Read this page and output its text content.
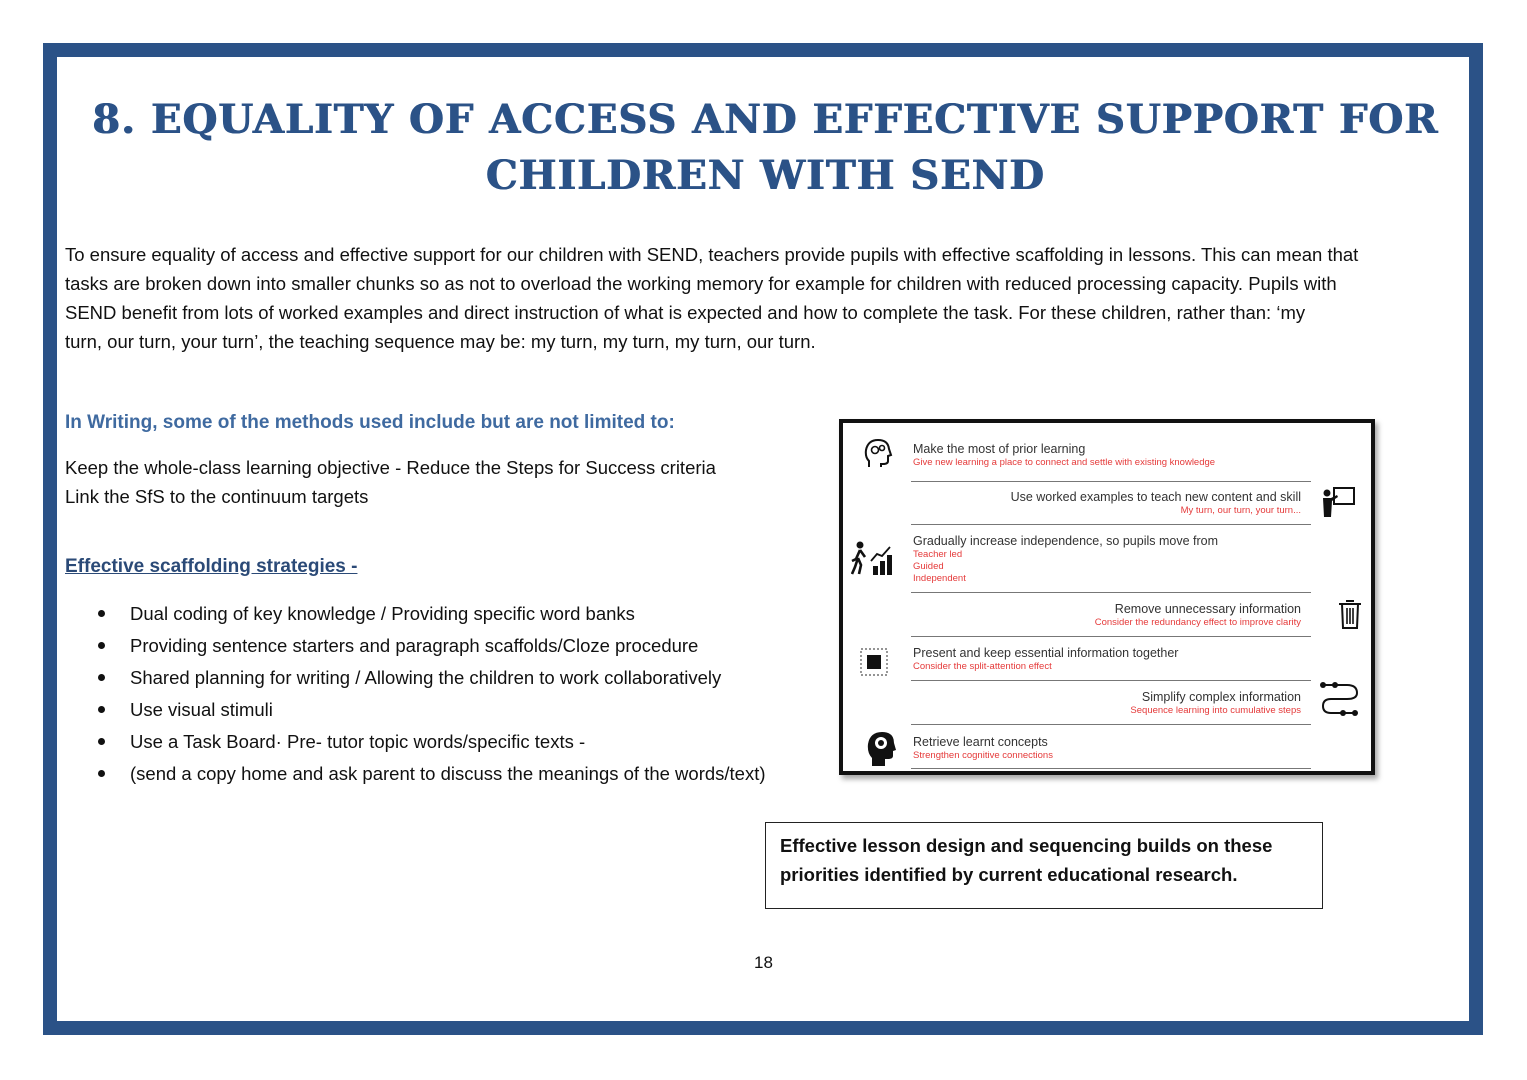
8. EQUALITY OF ACCESS AND EFFECTIVE SUPPORT FOR
CHILDREN WITH SEND
To ensure equality of access and effective support for our children with SEND, teachers provide pupils with effective scaffolding in lessons. This can mean that
tasks are broken down into smaller chunks so as not to overload the working memory for example for children with reduced processing capacity. Pupils with
SEND benefit from lots of worked examples and direct instruction of what is expected and how to complete the task. For these children, rather than: ‘my
turn, our turn, your turn’, the teaching sequence may be: my turn, my turn, my turn, our turn.
In Writing, some of the methods used include but are not limited to:
Keep the whole-class learning objective - Reduce the Steps for Success criteria
Link the SfS to the continuum targets
Effective scaffolding strategies -
Dual coding of key knowledge / Providing specific word banks
Providing sentence starters and paragraph scaffolds/Cloze procedure
Shared planning for writing / Allowing the children to work collaboratively
Use visual stimuli
Use a Task Board· Pre- tutor topic words/specific texts -
(send a copy home and ask parent to discuss the meanings of the words/text)
Make the most of prior learning
Give new learning a place to connect and settle with existing knowledge
Use worked examples to teach new content and skill
My turn, our turn, your turn...
Gradually increase independence, so pupils move from
Teacher led
Guided
Independent
Remove unnecessary information
Consider the redundancy effect to improve clarity
Present and keep essential information together
Consider the split-attention effect
Simplify complex information
Sequence learning into cumulative steps
Retrieve learnt concepts
Strengthen cognitive connections
Effective lesson design and sequencing builds on these
priorities identified by current educational research.
18
